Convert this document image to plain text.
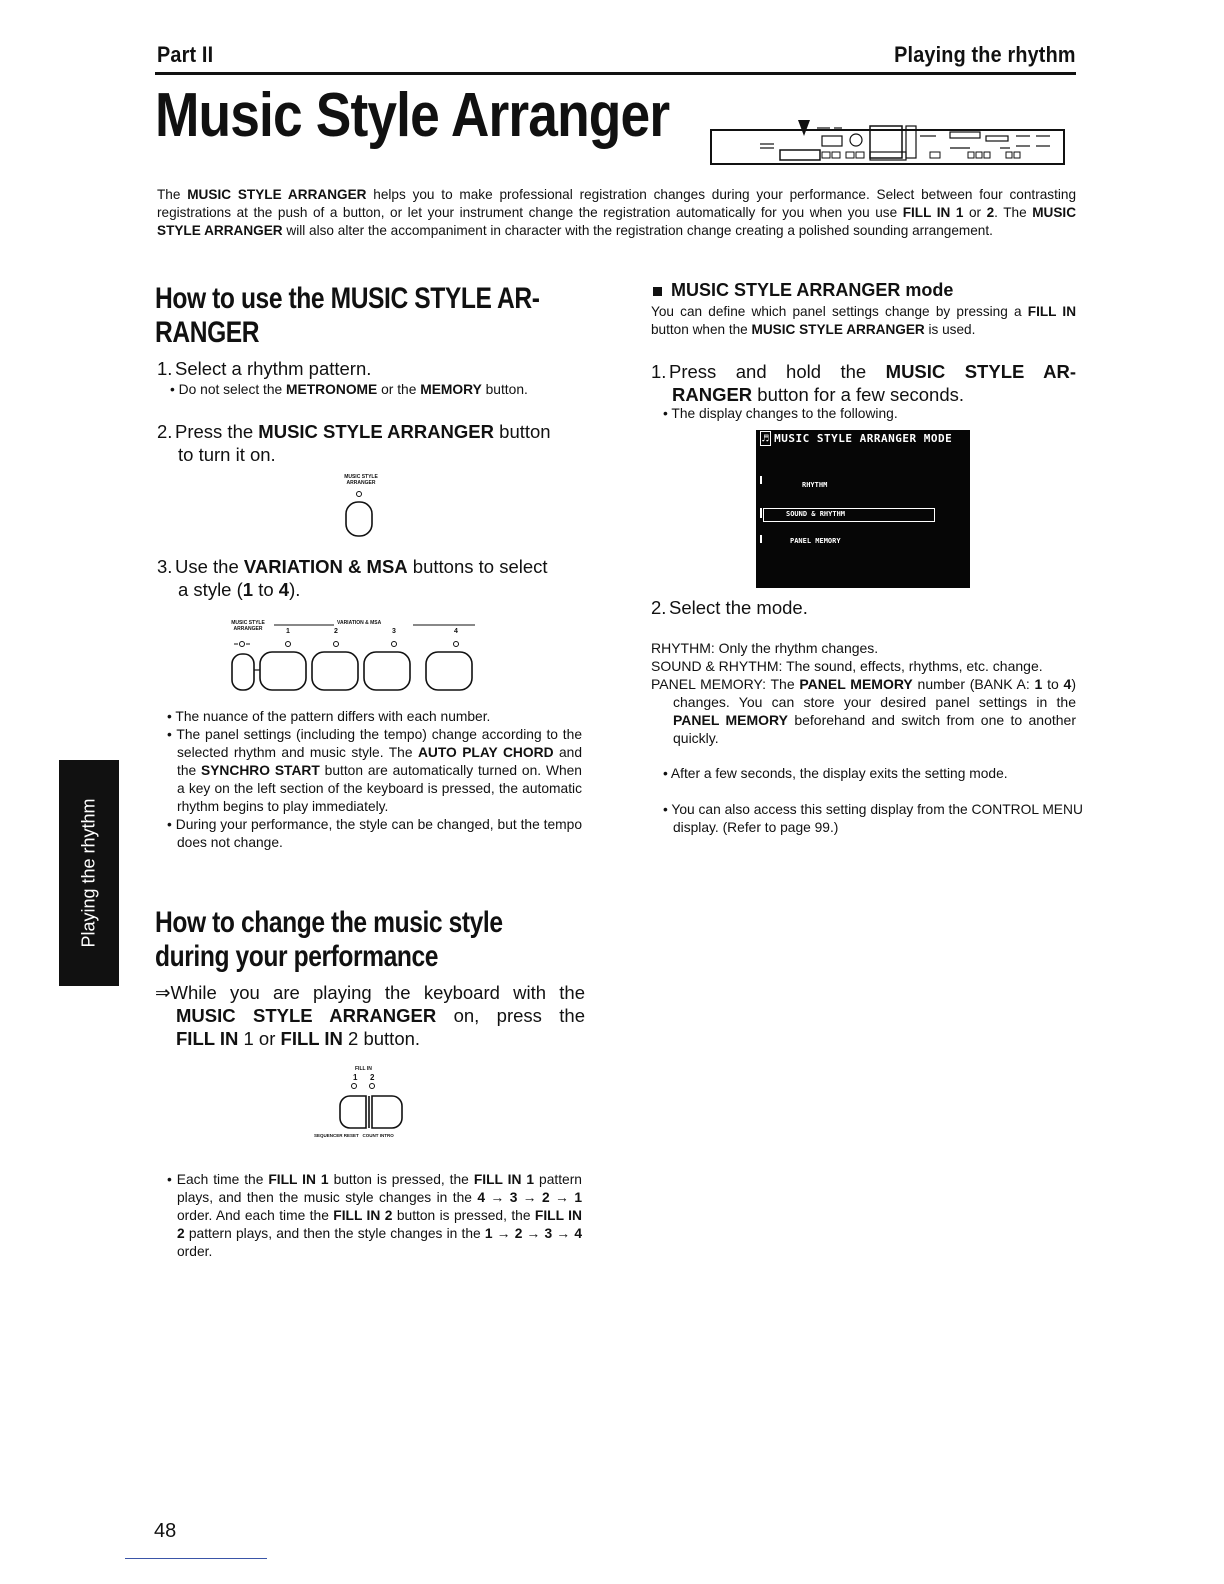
Part II	Playing the rhythm
Music Style Arranger
The MUSIC STYLE ARRANGER helps you to make professional registration changes during your performance. Select between four contrasting registrations at the push of a button, or let your instrument change the registration automatically for you when you use FILL IN 1 or 2. The MUSIC STYLE ARRANGER will also alter the accompaniment in character with the registration change creating a polished sounding arrangement.
How to use the MUSIC STYLE AR-
RANGER
1. Select a rhythm pattern.
• Do not select the METRONOME or the MEMORY button.
2. Press the MUSIC STYLE ARRANGER button
to turn it on.
MUSIC STYLE
ARRANGER
3. Use the VARIATION & MSA buttons to select
a style (1 to 4).
MUSIC STYLE
ARRANGER
VARIATION & MSA
1	2	3	4
• The nuance of the pattern differs with each number.
• The panel settings (including the tempo) change according to the selected rhythm and music style. The AUTO PLAY CHORD and the SYNCHRO START button are automatically turned on. When a key on the left section of the keyboard is pressed, the automatic rhythm begins to play immediately.
• During your performance, the style can be changed, but the tempo does not change.
How to change the music style
during your performance
⇒While you are playing the keyboard with the
MUSIC STYLE ARRANGER on, press the
FILL IN 1 or FILL IN 2 button.
FILL IN
1 2
SEQUENCER RESET   COUNT INTRO
• Each time the FILL IN 1 button is pressed, the FILL IN 1 pattern plays, and then the music style changes in the 4 → 3 → 2 → 1 order. And each time the FILL IN 2 button is pressed, the FILL IN 2 pattern plays, and then the style changes in the 1 → 2 → 3 → 4 order.
MUSIC STYLE ARRANGER mode
You can define which panel settings change by pressing a FILL IN button when the MUSIC STYLE ARRANGER is used.
1. Press and hold the MUSIC STYLE AR-
RANGER button for a few seconds.
• The display changes to the following.
♬ MUSIC STYLE ARRANGER MODE
RHYTHM
SOUND & RHYTHM
PANEL MEMORY
2. Select the mode.
RHYTHM: Only the rhythm changes.
SOUND & RHYTHM: The sound, effects, rhythms, etc. change.
PANEL MEMORY: The PANEL MEMORY number (BANK A: 1 to 4) changes. You can store your desired panel settings in the PANEL MEMORY beforehand and switch from one to another quickly.
• After a few seconds, the display exits the setting mode.
• You can also access this setting display from the CONTROL MENU display. (Refer to page 99.)
Playing the rhythm
48
